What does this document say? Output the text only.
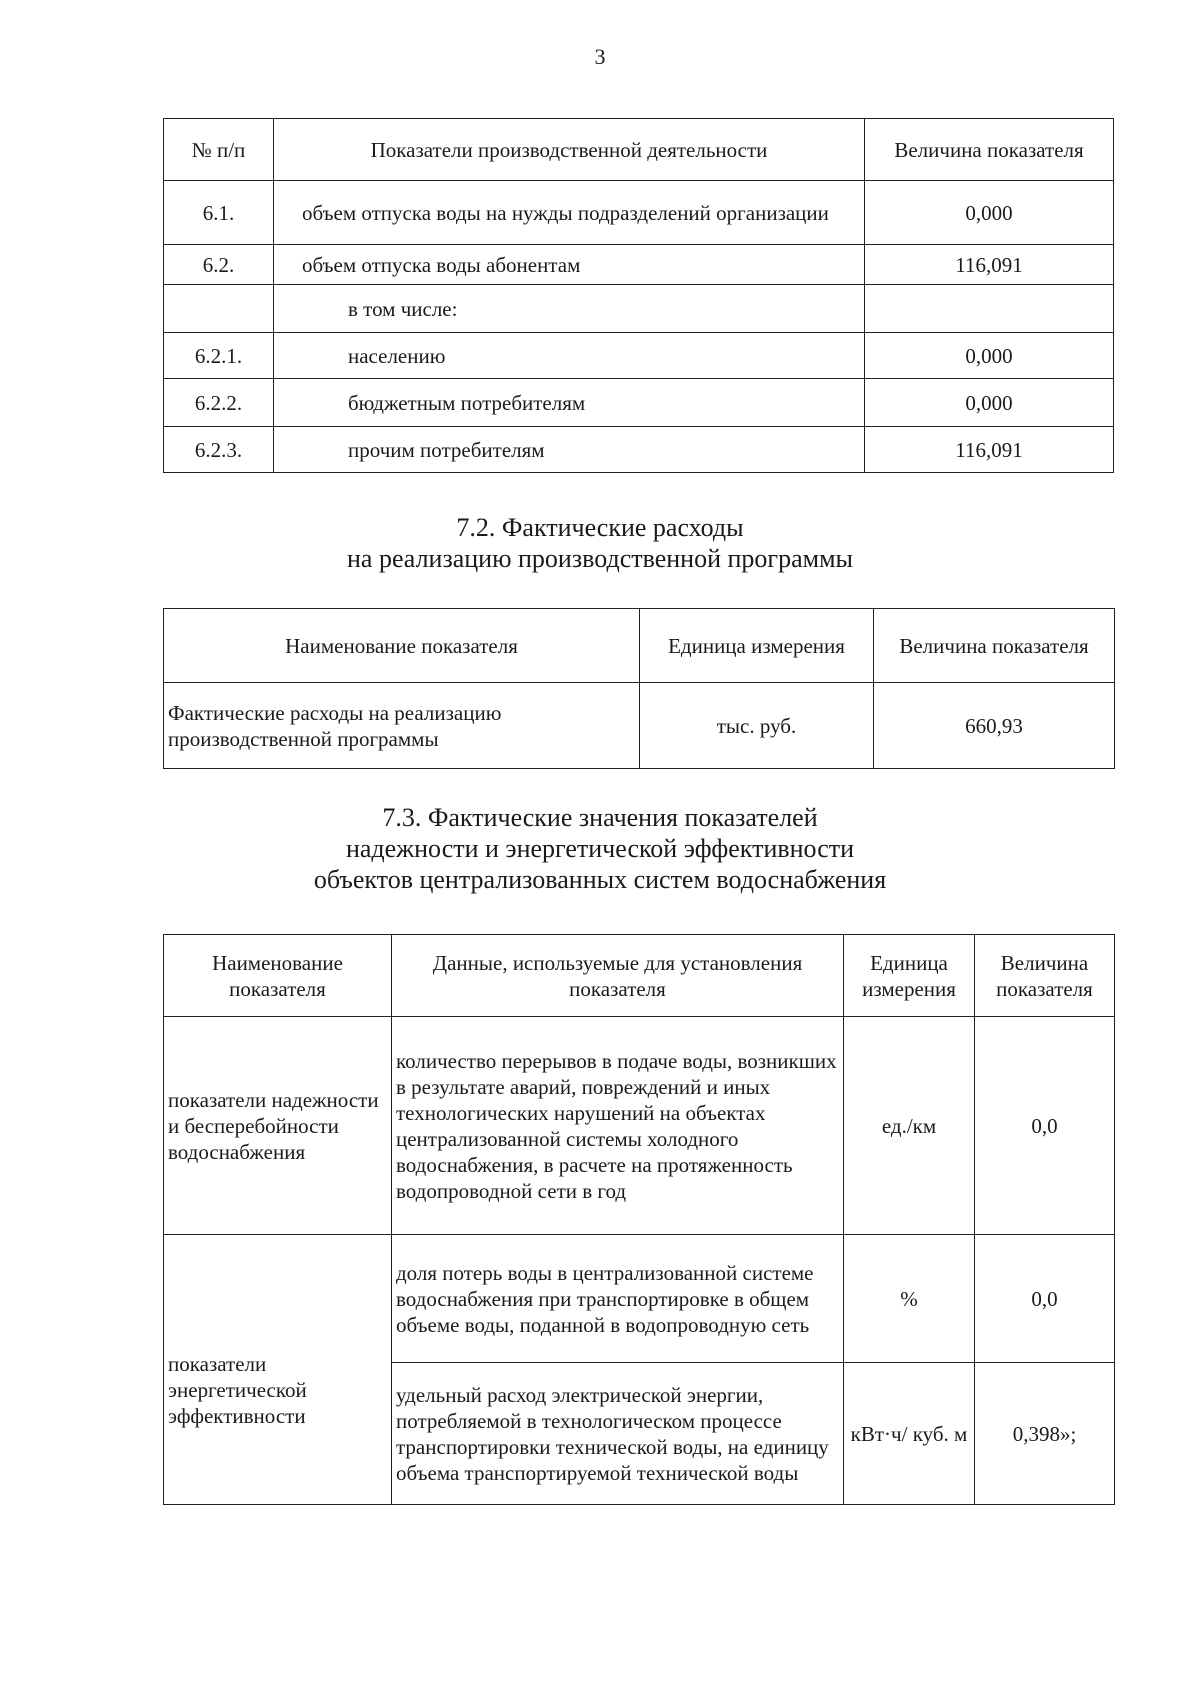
3
№ п/п	Показатели производственной деятельности	Величина показателя
6.1.	объем отпуска воды на нужды подразделений организации	0,000
6.2.	объем отпуска воды абонентам	116,091
	в том числе:	
6.2.1.	населению	0,000
6.2.2.	бюджетным потребителям	0,000
6.2.3.	прочим потребителям	116,091
7.2. Фактические расходы
на реализацию производственной программы
Наименование показателя	Единица измерения	Величина показателя
Фактические расходы на реализацию производственной программы	тыс. руб.	660,93
7.3. Фактические значения показателей
надежности и энергетической эффективности
объектов централизованных систем водоснабжения
Наименование показателя	Данные, используемые для установления показателя	Единица измерения	Величина показателя
показатели надежности и бесперебойности водоснабжения	количество перерывов в подаче воды, возникших в результате аварий, повреждений и иных технологических нарушений на объектах централизованной системы холодного водоснабжения, в расчете на протяженность водопроводной сети в год	ед./км	0,0
показатели энергетической эффективности	доля потерь воды в централизованной системе водоснабжения при транспортировке в общем объеме воды, поданной в водопроводную сеть	%	0,0
	удельный расход электрической энергии, потребляемой в технологическом процессе транспортировки технической воды, на единицу объема транспортируемой технической воды	кВт·ч/ куб. м	0,398»;
